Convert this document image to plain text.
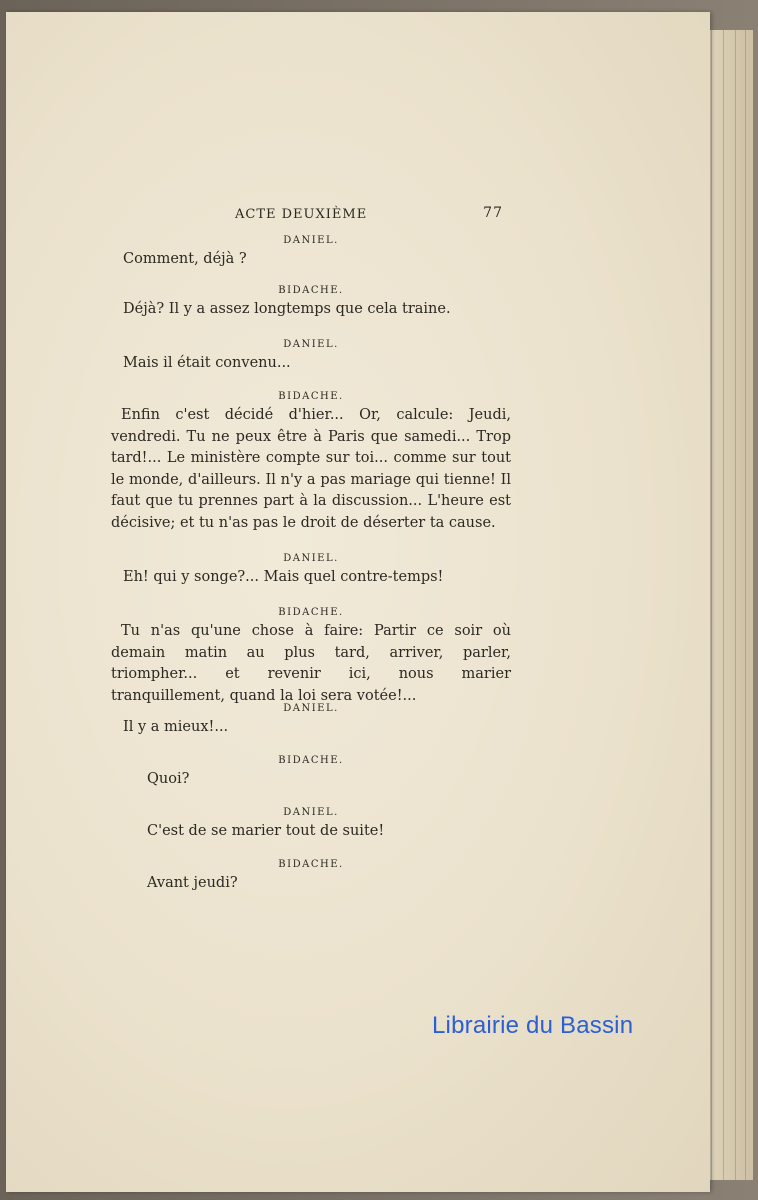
ACTE DEUXIÈME	77
DANIEL.
Comment, déjà ?
BIDACHE.
Déjà? Il y a assez longtemps que cela traine.
DANIEL.
Mais il était convenu...
BIDACHE.
Enfin c'est décidé d'hier... Or, calcule: Jeudi, vendredi. Tu ne peux être à Paris que samedi... Trop tard!... Le ministère compte sur toi... comme sur tout le monde, d'ailleurs. Il n'y a pas mariage qui tienne! Il faut que tu prennes part à la discussion... L'heure est décisive; et tu n'as pas le droit de déserter ta cause.
DANIEL.
Eh! qui y songe?... Mais quel contre-temps!
BIDACHE.
Tu n'as qu'une chose à faire: Partir ce soir où demain matin au plus tard, arriver, parler, triompher... et revenir ici, nous marier tranquillement, quand la loi sera votée!...
DANIEL.
Il y a mieux!...
BIDACHE.
Quoi?
DANIEL.
C'est de se marier tout de suite!
BIDACHE.
Avant jeudi?
Librairie du Bassin
